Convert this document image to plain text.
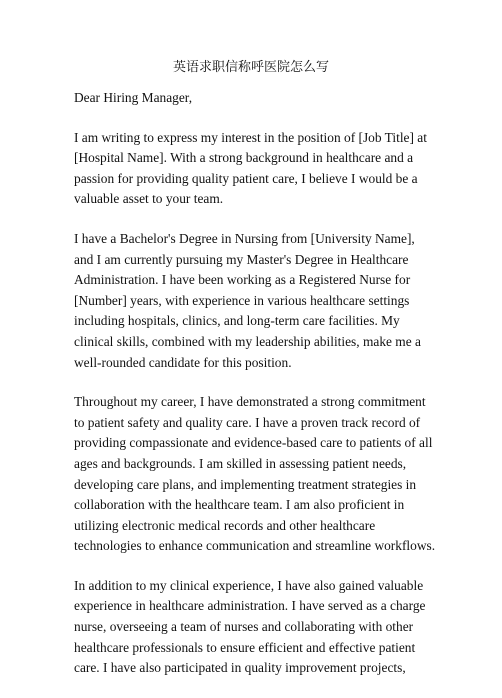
英语求职信称呼医院怎么写

Dear Hiring Manager,

I am writing to express my interest in the position of [Job Title] at [Hospital Name]. With a strong background in healthcare and a passion for providing quality patient care, I believe I would be a valuable asset to your team.

I have a Bachelor's Degree in Nursing from [University Name], and I am currently pursuing my Master's Degree in Healthcare Administration. I have been working as a Registered Nurse for [Number] years, with experience in various healthcare settings including hospitals, clinics, and long-term care facilities. My clinical skills, combined with my leadership abilities, make me a well-rounded candidate for this position.

Throughout my career, I have demonstrated a strong commitment to patient safety and quality care. I have a proven track record of providing compassionate and evidence-based care to patients of all ages and backgrounds. I am skilled in assessing patient needs, developing care plans, and implementing treatment strategies in collaboration with the healthcare team. I am also proficient in utilizing electronic medical records and other healthcare technologies to enhance communication and streamline workflows.

In addition to my clinical experience, I have also gained valuable experience in healthcare administration. I have served as a charge nurse, overseeing a team of nurses and collaborating with other healthcare professionals to ensure efficient and effective patient care. I have also participated in quality improvement projects,
